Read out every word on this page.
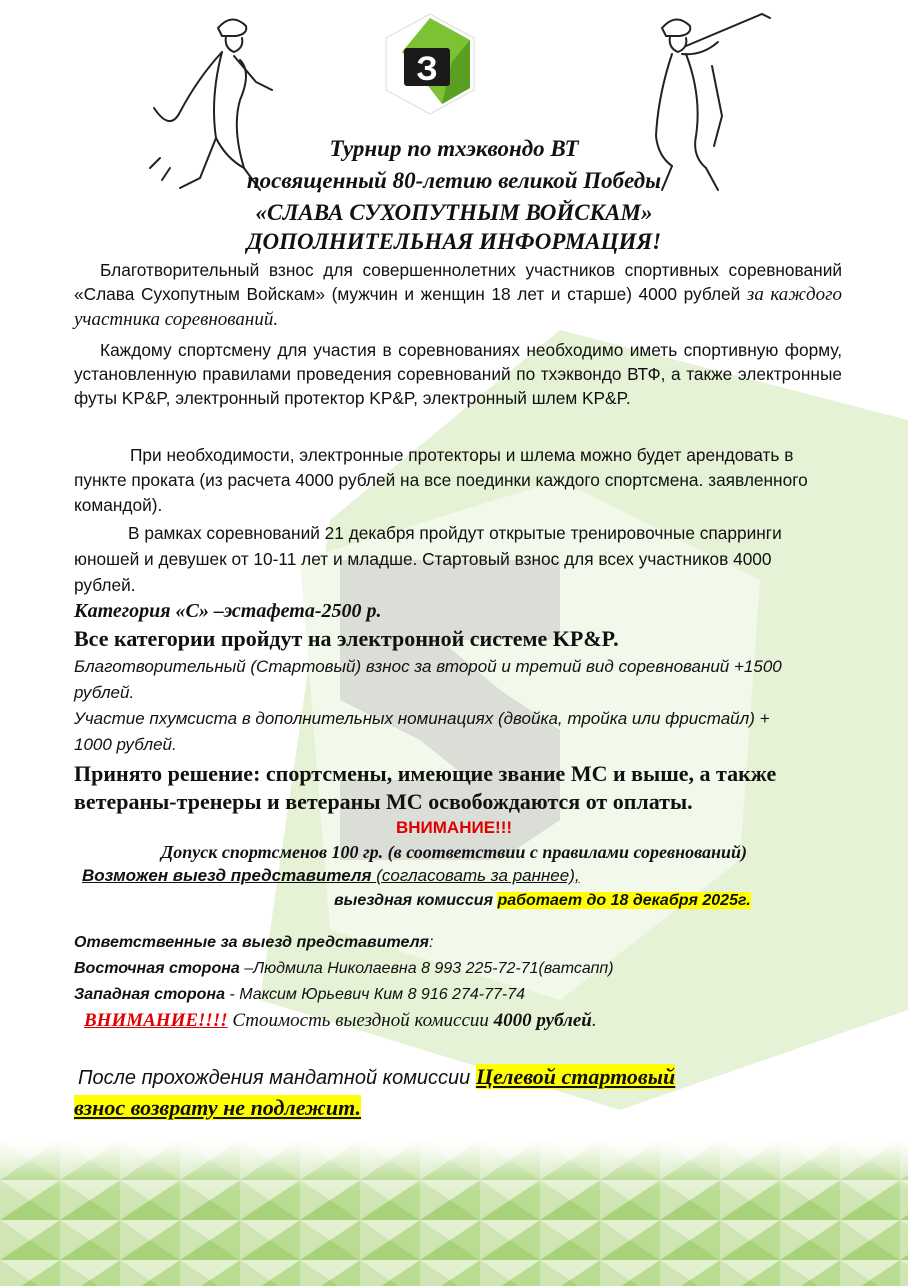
З
Турнир по тхэквондо ВТ
посвященный 80-летию великой Победы
«СЛАВА СУХОПУТНЫМ ВОЙСКАМ»
ДОПОЛНИТЕЛЬНАЯ ИНФОРМАЦИЯ!
Благотворительный взнос для совершеннолетних участников спортивных соревнований «Слава Сухопутным Войскам» (мужчин и женщин 18 лет и старше) 4000 рублей за каждого участника соревнований.
Каждому спортсмену для участия в соревнованиях необходимо иметь спортивную форму, установленную правилами проведения соревнований по тхэквондо ВТФ, а также электронные футы KP&P, электронный протектор KP&P, электронный шлем KP&P.
При необходимости, электронные протекторы и шлема можно будет арендовать в пункте проката (из расчета 4000 рублей на все поединки каждого спортсмена. заявленного командой).
В рамках соревнований 21 декабря пройдут открытые тренировочные спарринги юношей и девушек от 10-11 лет и младше. Стартовый взнос для всех участников 4000 рублей.
Категория «С» –эстафета-2500 р.
Все категории пройдут на электронной системе KP&P.
Благотворительный (Стартовый) взнос за второй и третий вид соревнований +1500 рублей.
Участие пхумсиста в дополнительных номинациях (двойка, тройка или фристайл) + 1000 рублей.
Принято решение: спортсмены, имеющие звание МС и выше, а также ветераны-тренеры и ветераны МС освобождаются от оплаты.
ВНИМАНИЕ!!!
Допуск спортсменов 100 гр. (в соответствии с правилами соревнований)
Возможен выезд представителя (согласовать за раннее),
выездная комиссия работает до 18 декабря 2025г.
Ответственные за выезд представителя:
Восточная сторона –Людмила Николаевна 8 993 225-72-71(ватсапп)
Западная сторона - Максим Юрьевич Ким 8 916 274-77-74
ВНИМАНИЕ!!!! Стоимость выездной комиссии 4000 рублей.
После прохождения мандатной комиссии Целевой стартовый
взнос возврату не подлежит.
